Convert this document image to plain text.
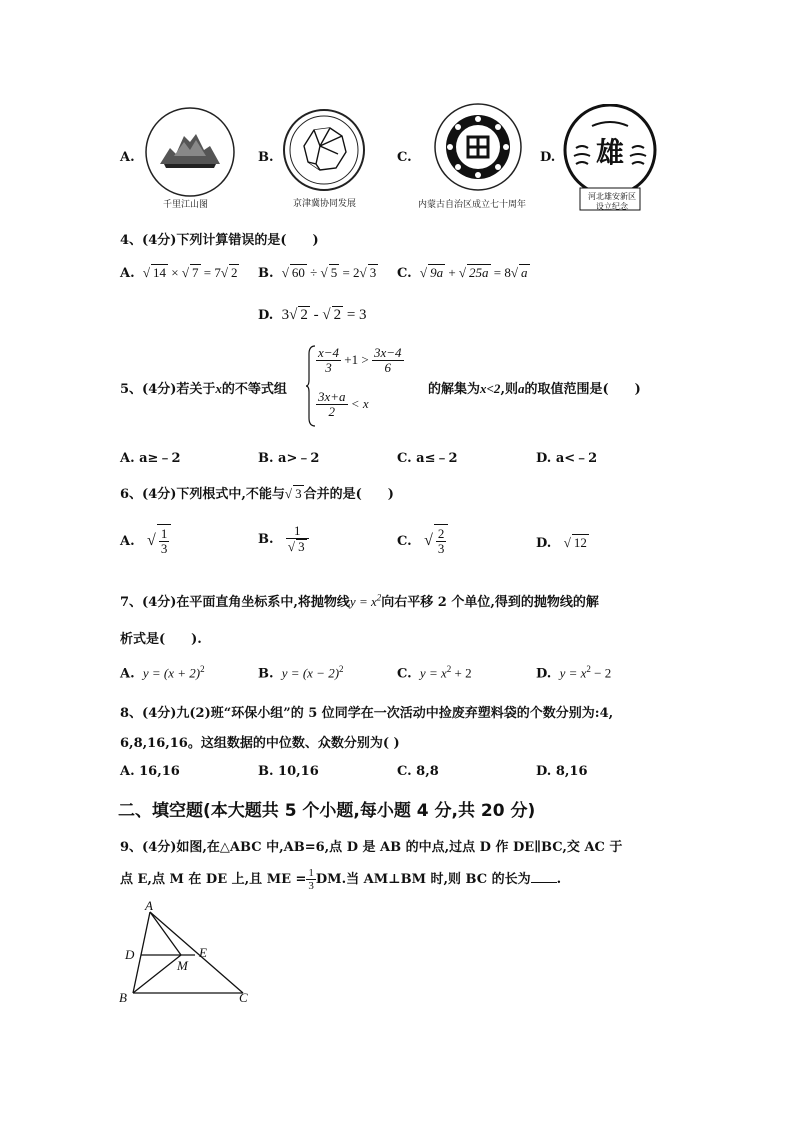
A.
千里江山图
B.
京津冀协同发展
C.
内蒙古自治区成立七十周年
D. 雄
河北雄安新区
设立纪念
4、(4分)下列计算错误的是(　　)
A. √ 14 × √ 7 = 7√ 2 B. √ 60 ÷ √ 5 = 2√ 3 C. √ 9a + √ 25a = 8√ a
D. 3√ 2 - √ 2 = 3
5、(4分)若关于x的不等式组
$\frac{x-4}{3} +1 > \frac{3x-4}{6}$
$\frac{3x+a}{2} < x$
的解集为x<2,则a的取值范围是(　　)
A. a≥﹣2	B. a>﹣2	C. a≤﹣2	D. a<﹣2
6、(4分)下列根式中,不能与√ 3 合并的是(　　)
A. √ $\frac{1}{3}$	B. $\frac{1}{√ 3}$	C. √ $\frac{2}{3}$	D. √ 12
7、(4分)在平面直角坐标系中,将抛物线$y = x^2$向右平移 2 个单位,得到的抛物线的解
析式是(　　).
A. $y = (x + 2)^2$	B. $y = (x - 2)^2$	C. $y = x^2 + 2$	D. $y = x^2 - 2$
8、(4分)九(2)班“环保小组”的 5 位同学在一次活动中捡废弃塑料袋的个数分别为:4,
6,8,16,16。这组数据的中位数、众数分别为( )
A. 16,16	B. 10,16	C. 8,8	D. 8,16
二、填空题(本大题共 5 个小题,每小题 4 分,共 20 分)
9、(4分)如图,在△ABC 中,AB=6,点 D 是 AB 的中点,过点 D 作 DE∥BC,交 AC 于
点 E,点 M 在 DE 上,且 ME = $\frac{1}{3}$ DM.当 AM⊥BM 时,则 BC 的长为 .
A
B	C
D	E
M
